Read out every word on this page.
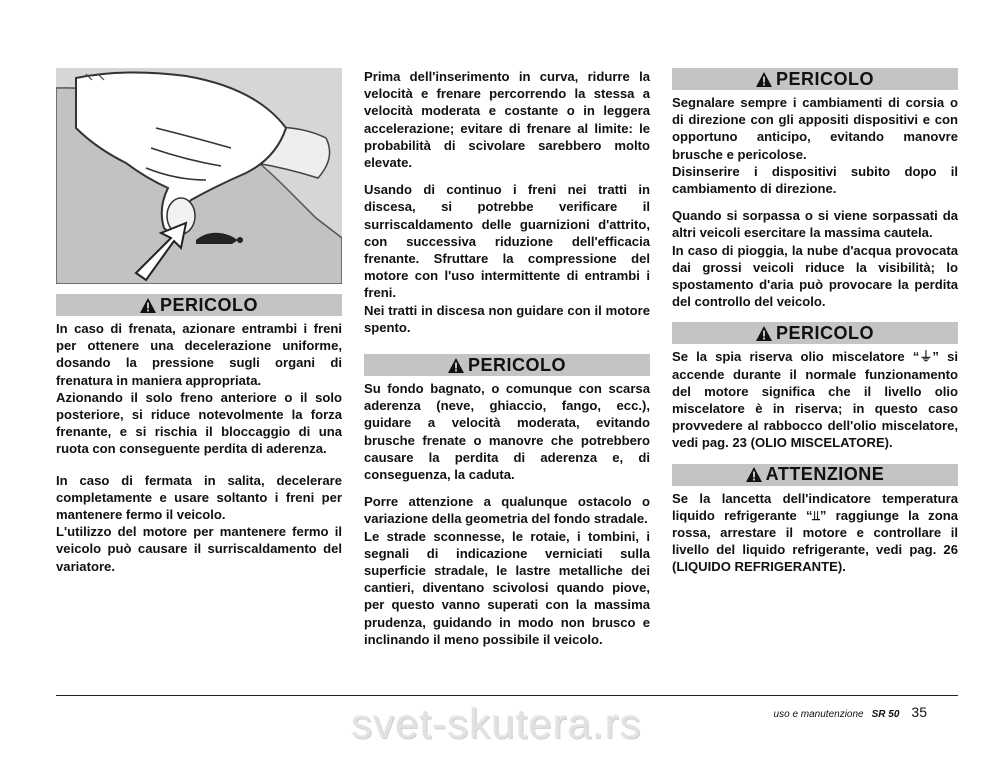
PERICOLO

In caso di frenata, azionare entrambi i freni per ottenere una decelerazione uniforme, dosando la pressione sugli organi di frenatura in maniera appropriata.

Azionando il solo freno anteriore o il solo posteriore, si riduce notevolmente la forza frenante, e si rischia il bloccaggio di una ruota con conseguente perdita di aderenza.

In caso di fermata in salita, decelerare completamente e usare soltanto i freni per mantenere fermo il veicolo.

L'utilizzo del motore per mantenere fermo il veicolo può causare il surriscaldamento del variatore.

Prima dell'inserimento in curva, ridurre la velocità e frenare percorrendo la stessa a velocità moderata e costante o in leggera accelerazione; evitare di frenare al limite: le probabilità di scivolare sarebbero molto elevate.

Usando di continuo i freni nei tratti in discesa, si potrebbe verificare il surriscaldamento delle guarnizioni d'attrito, con successiva riduzione dell'efficacia frenante. Sfruttare la compressione del motore con l'uso intermittente di entrambi i freni.

Nei tratti in discesa non guidare con il motore spento.

PERICOLO

Su fondo bagnato, o comunque con scarsa aderenza (neve, ghiaccio, fango, ecc.), guidare a velocità moderata, evitando brusche frenate o manovre che potrebbero causare la perdita di aderenza e, di conseguenza, la caduta.

Porre attenzione a qualunque ostacolo o variazione della geometria del fondo stradale.

Le strade sconnesse, le rotaie, i tombini, i segnali di indicazione verniciati sulla superficie stradale, le lastre metalliche dei cantieri, diventano scivolosi quando piove, per questo vanno superati con la massima prudenza, guidando in modo non brusco e inclinando il meno possibile il veicolo.

PERICOLO

Segnalare sempre i cambiamenti di corsia o di direzione con gli appositi dispositivi e con opportuno anticipo, evitando manovre brusche e pericolose.

Disinserire i dispositivi subito dopo il cambiamento di direzione.

Quando si sorpassa o si viene sorpassati da altri veicoli esercitare la massima cautela.

In caso di pioggia, la nube d'acqua provocata dai grossi veicoli riduce la visibilità; lo spostamento d'aria può provocare la perdita del controllo del veicolo.

PERICOLO

Se la spia riserva olio miscelatore “⏚” si accende durante il normale funzionamento del motore significa che il livello olio miscelatore è in riserva; in questo caso provvedere al rabbocco dell'olio miscelatore, vedi pag. 23 (OLIO MISCELATORE).

ATTENZIONE

Se la lancetta dell'indicatore temperatura liquido refrigerante “⫫” raggiunge la zona rossa, arrestare il motore e controllare il livello del liquido refrigerante, vedi pag. 26 (LIQUIDO REFRIGERANTE).

uso e manutenzione SR 50 35
svet-skutera.rs
